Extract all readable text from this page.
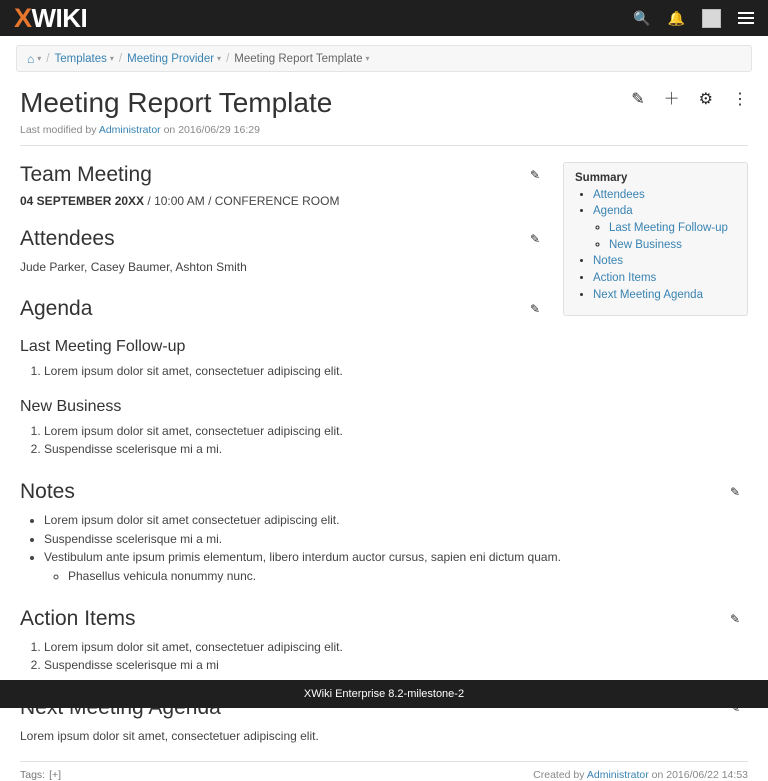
X WIKI	🔍 🔔
⌂ ▾ / Templates ▾ / Meeting Provider ▾ / Meeting Report Template ▾
Meeting Report Template
Last modified by Administrator on 2016/06/29 16:29
✎ ＋ ⚙ ⋮
Summary
• Attendees
• Agenda
◦ Last Meeting Follow-up
◦ New Business
• Notes
• Action Items
• Next Meeting Agenda
Team Meeting	✎

04 SEPTEMBER 20XX / 10:00 AM / CONFERENCE ROOM

Attendees	✎

Jude Parker, Casey Baumer, Ashton Smith

Agenda	✎
Last Meeting Follow-up
1. Lorem ipsum dolor sit amet, consectetuer adipiscing elit.
New Business
1. Lorem ipsum dolor sit amet, consectetuer adipiscing elit.
2. Suspendisse scelerisque mi a mi.
Notes	✎
• Lorem ipsum dolor sit amet consectetuer adipiscing elit.
• Suspendisse scelerisque mi a mi.
• Vestibulum ante ipsum primis elementum, libero interdum auctor cursus, sapien eni dictum quam.
◦ Phasellus vehicula nonummy nunc.
Action Items	✎
1. Lorem ipsum dolor sit amet, consectetuer adipiscing elit.
2. Suspendisse scelerisque mi a mi

Lorem ipsum dolor sit amet, consectetuer adipiscing elit.

Tags: [+]	Created by Administrator on 2016/06/22 14:53
XWiki Enterprise 8.2-milestone-2
